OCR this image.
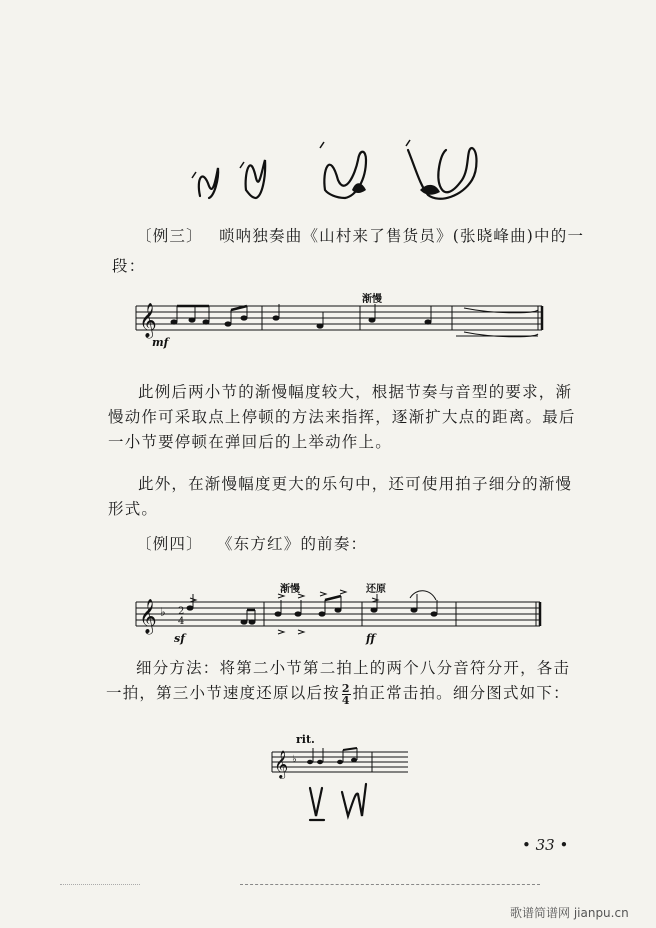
〔例三〕 唢呐独奏曲《山村来了售货员》(张晓峰曲)中的一
段：
𝄞
mf
渐慢
此例后两小节的渐慢幅度较大，根据节奏与音型的要求，渐
慢动作可采取点上停顿的方法来指挥，逐渐扩大点的距离。最后
一小节要停顿在弹回后的上举动作上。
此外，在渐慢幅度更大的乐句中，还可使用拍子细分的渐慢
形式。
〔例四〕 《东方红》的前奏：
𝄞 ♭ 2
4
sf	ff
渐慢	还原
细分方法：将第二小节第二拍上的两个八分音符分开，各击
一拍，第三小节速度还原以后按 $\frac{2}{4}$ 拍正常击拍。细分图式如下：
𝄞 ♭
rit.
• 33 •
歌谱简谱网 jianpu.cn
